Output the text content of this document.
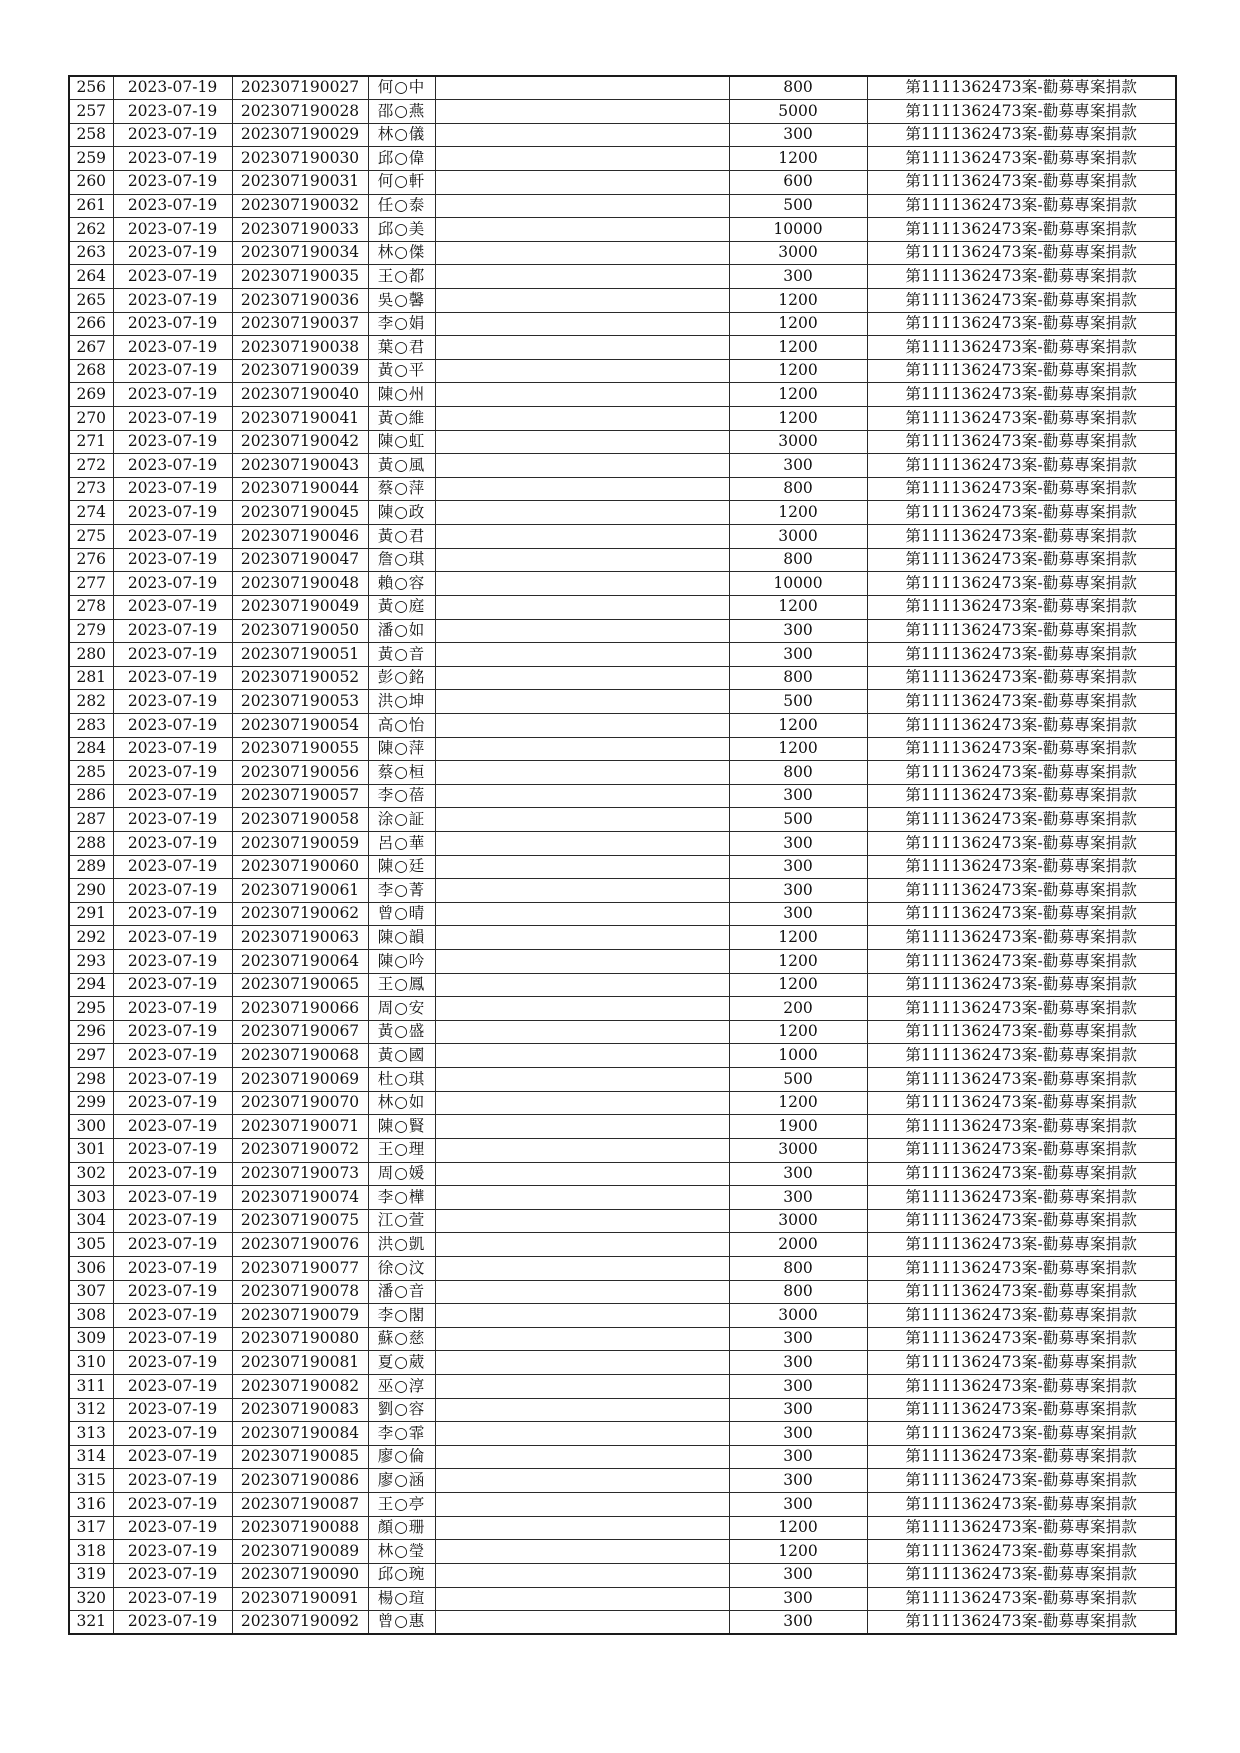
256	2023-07-19	202307190027	何○中		800	第1111362473案-勸募專案捐款
257	2023-07-19	202307190028	邵○燕		5000	第1111362473案-勸募專案捐款
258	2023-07-19	202307190029	林○儀		300	第1111362473案-勸募專案捐款
259	2023-07-19	202307190030	邱○偉		1200	第1111362473案-勸募專案捐款
260	2023-07-19	202307190031	何○軒		600	第1111362473案-勸募專案捐款
261	2023-07-19	202307190032	任○泰		500	第1111362473案-勸募專案捐款
262	2023-07-19	202307190033	邱○美		10000	第1111362473案-勸募專案捐款
263	2023-07-19	202307190034	林○傑		3000	第1111362473案-勸募專案捐款
264	2023-07-19	202307190035	王○都		300	第1111362473案-勸募專案捐款
265	2023-07-19	202307190036	吳○馨		1200	第1111362473案-勸募專案捐款
266	2023-07-19	202307190037	李○娟		1200	第1111362473案-勸募專案捐款
267	2023-07-19	202307190038	葉○君		1200	第1111362473案-勸募專案捐款
268	2023-07-19	202307190039	黃○平		1200	第1111362473案-勸募專案捐款
269	2023-07-19	202307190040	陳○州		1200	第1111362473案-勸募專案捐款
270	2023-07-19	202307190041	黃○維		1200	第1111362473案-勸募專案捐款
271	2023-07-19	202307190042	陳○虹		3000	第1111362473案-勸募專案捐款
272	2023-07-19	202307190043	黃○風		300	第1111362473案-勸募專案捐款
273	2023-07-19	202307190044	蔡○萍		800	第1111362473案-勸募專案捐款
274	2023-07-19	202307190045	陳○政		1200	第1111362473案-勸募專案捐款
275	2023-07-19	202307190046	黃○君		3000	第1111362473案-勸募專案捐款
276	2023-07-19	202307190047	詹○琪		800	第1111362473案-勸募專案捐款
277	2023-07-19	202307190048	賴○容		10000	第1111362473案-勸募專案捐款
278	2023-07-19	202307190049	黃○庭		1200	第1111362473案-勸募專案捐款
279	2023-07-19	202307190050	潘○如		300	第1111362473案-勸募專案捐款
280	2023-07-19	202307190051	黃○音		300	第1111362473案-勸募專案捐款
281	2023-07-19	202307190052	彭○銘		800	第1111362473案-勸募專案捐款
282	2023-07-19	202307190053	洪○坤		500	第1111362473案-勸募專案捐款
283	2023-07-19	202307190054	高○怡		1200	第1111362473案-勸募專案捐款
284	2023-07-19	202307190055	陳○萍		1200	第1111362473案-勸募專案捐款
285	2023-07-19	202307190056	蔡○桓		800	第1111362473案-勸募專案捐款
286	2023-07-19	202307190057	李○蓓		300	第1111362473案-勸募專案捐款
287	2023-07-19	202307190058	涂○証		500	第1111362473案-勸募專案捐款
288	2023-07-19	202307190059	呂○華		300	第1111362473案-勸募專案捐款
289	2023-07-19	202307190060	陳○廷		300	第1111362473案-勸募專案捐款
290	2023-07-19	202307190061	李○菁		300	第1111362473案-勸募專案捐款
291	2023-07-19	202307190062	曾○晴		300	第1111362473案-勸募專案捐款
292	2023-07-19	202307190063	陳○韻		1200	第1111362473案-勸募專案捐款
293	2023-07-19	202307190064	陳○吟		1200	第1111362473案-勸募專案捐款
294	2023-07-19	202307190065	王○鳳		1200	第1111362473案-勸募專案捐款
295	2023-07-19	202307190066	周○安		200	第1111362473案-勸募專案捐款
296	2023-07-19	202307190067	黃○盛		1200	第1111362473案-勸募專案捐款
297	2023-07-19	202307190068	黃○國		1000	第1111362473案-勸募專案捐款
298	2023-07-19	202307190069	杜○琪		500	第1111362473案-勸募專案捐款
299	2023-07-19	202307190070	林○如		1200	第1111362473案-勸募專案捐款
300	2023-07-19	202307190071	陳○賢		1900	第1111362473案-勸募專案捐款
301	2023-07-19	202307190072	王○理		3000	第1111362473案-勸募專案捐款
302	2023-07-19	202307190073	周○媛		300	第1111362473案-勸募專案捐款
303	2023-07-19	202307190074	李○樺		300	第1111362473案-勸募專案捐款
304	2023-07-19	202307190075	江○萱		3000	第1111362473案-勸募專案捐款
305	2023-07-19	202307190076	洪○凱		2000	第1111362473案-勸募專案捐款
306	2023-07-19	202307190077	徐○汶		800	第1111362473案-勸募專案捐款
307	2023-07-19	202307190078	潘○音		800	第1111362473案-勸募專案捐款
308	2023-07-19	202307190079	李○閣		3000	第1111362473案-勸募專案捐款
309	2023-07-19	202307190080	蘇○慈		300	第1111362473案-勸募專案捐款
310	2023-07-19	202307190081	夏○葳		300	第1111362473案-勸募專案捐款
311	2023-07-19	202307190082	巫○淳		300	第1111362473案-勸募專案捐款
312	2023-07-19	202307190083	劉○容		300	第1111362473案-勸募專案捐款
313	2023-07-19	202307190084	李○霏		300	第1111362473案-勸募專案捐款
314	2023-07-19	202307190085	廖○倫		300	第1111362473案-勸募專案捐款
315	2023-07-19	202307190086	廖○涵		300	第1111362473案-勸募專案捐款
316	2023-07-19	202307190087	王○亭		300	第1111362473案-勸募專案捐款
317	2023-07-19	202307190088	顏○珊		1200	第1111362473案-勸募專案捐款
318	2023-07-19	202307190089	林○瑩		1200	第1111362473案-勸募專案捐款
319	2023-07-19	202307190090	邱○琬		300	第1111362473案-勸募專案捐款
320	2023-07-19	202307190091	楊○瑄		300	第1111362473案-勸募專案捐款
321	2023-07-19	202307190092	曾○惠		300	第1111362473案-勸募專案捐款
